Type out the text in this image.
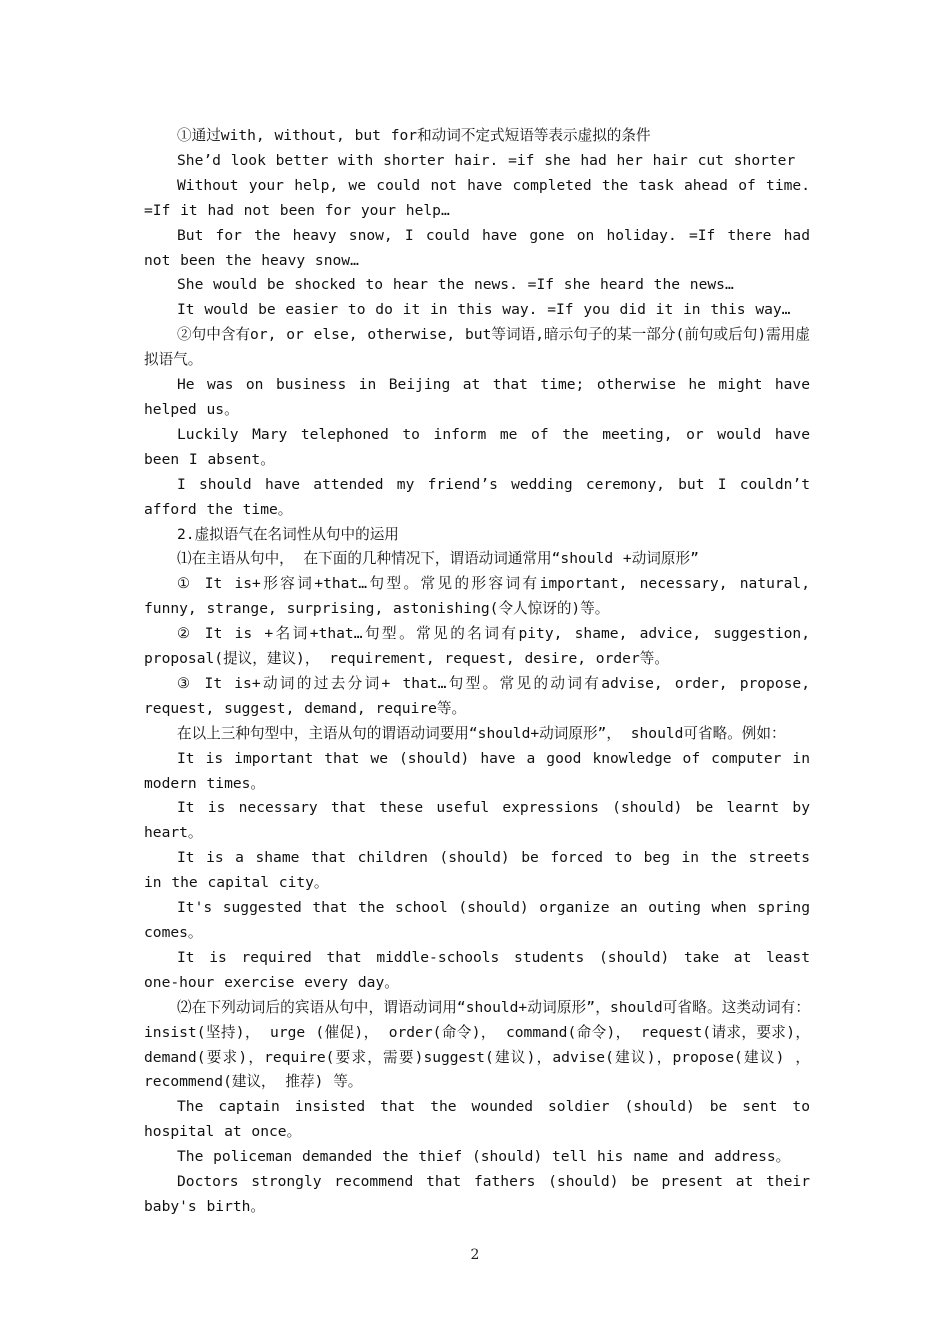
①通过with, without, but for和动词不定式短语等表示虚拟的条件

She’d look better with shorter hair. =if she had her hair cut shorter

Without your help, we could not have completed the task ahead of time. =If it had not been for your help…

But for the heavy snow, I could have gone on holiday. =If there had not been the heavy snow…

She would be shocked to hear the news. =If she heard the news…

It would be easier to do it in this way. =If you did it in this way…

②句中含有or, or else, otherwise, but等词语,暗示句子的某一部分(前句或后句)需用虚拟语气。

He was on business in Beijing at that time; otherwise he might have helped us。

Luckily Mary telephoned to inform me of the meeting, or would have been I absent。

I should have attended my friend’s wedding ceremony, but I couldn’t afford the time。

2.虚拟语气在名词性从句中的运用

⑴在主语从句中， 在下面的几种情况下，谓语动词通常用“should +动词原形”

① It is+形容词+that…句型。常见的形容词有important, necessary, natural, funny, strange, surprising, astonishing(令人惊讶的)等。

② It is +名词+that…句型。常见的名词有pity, shame, advice, suggestion, proposal(提议，建议)， requirement, request, desire, order等。

③ It is+动词的过去分词+ that…句型。常见的动词有advise, order, propose, request, suggest, demand, require等。

在以上三种句型中，主语从句的谓语动词要用“should+动词原形”， should可省略。例如：

It is important that we (should) have a good knowledge of computer in modern times。

It is necessary that these useful expressions (should) be learnt by heart。

It is a shame that children (should) be forced to beg in the streets in the capital city。

It's suggested that the school (should) organize an outing when spring comes。

It is required that middle-schools students (should) take at least one-hour exercise every day。

⑵在下列动词后的宾语从句中，谓语动词用“should+动词原形”，should可省略。这类动词有：insist(坚持)， urge (催促)， order(命令)， command(命令)， request(请求，要求)， demand(要求)，require(要求，需要)suggest(建议)，advise(建议)，propose(建议) ，recommend(建议， 推荐) 等。

The captain insisted that the wounded soldier (should) be sent to hospital at once。

The policeman demanded the thief (should) tell his name and address。

Doctors strongly recommend that fathers (should) be present at their baby's birth。

2
